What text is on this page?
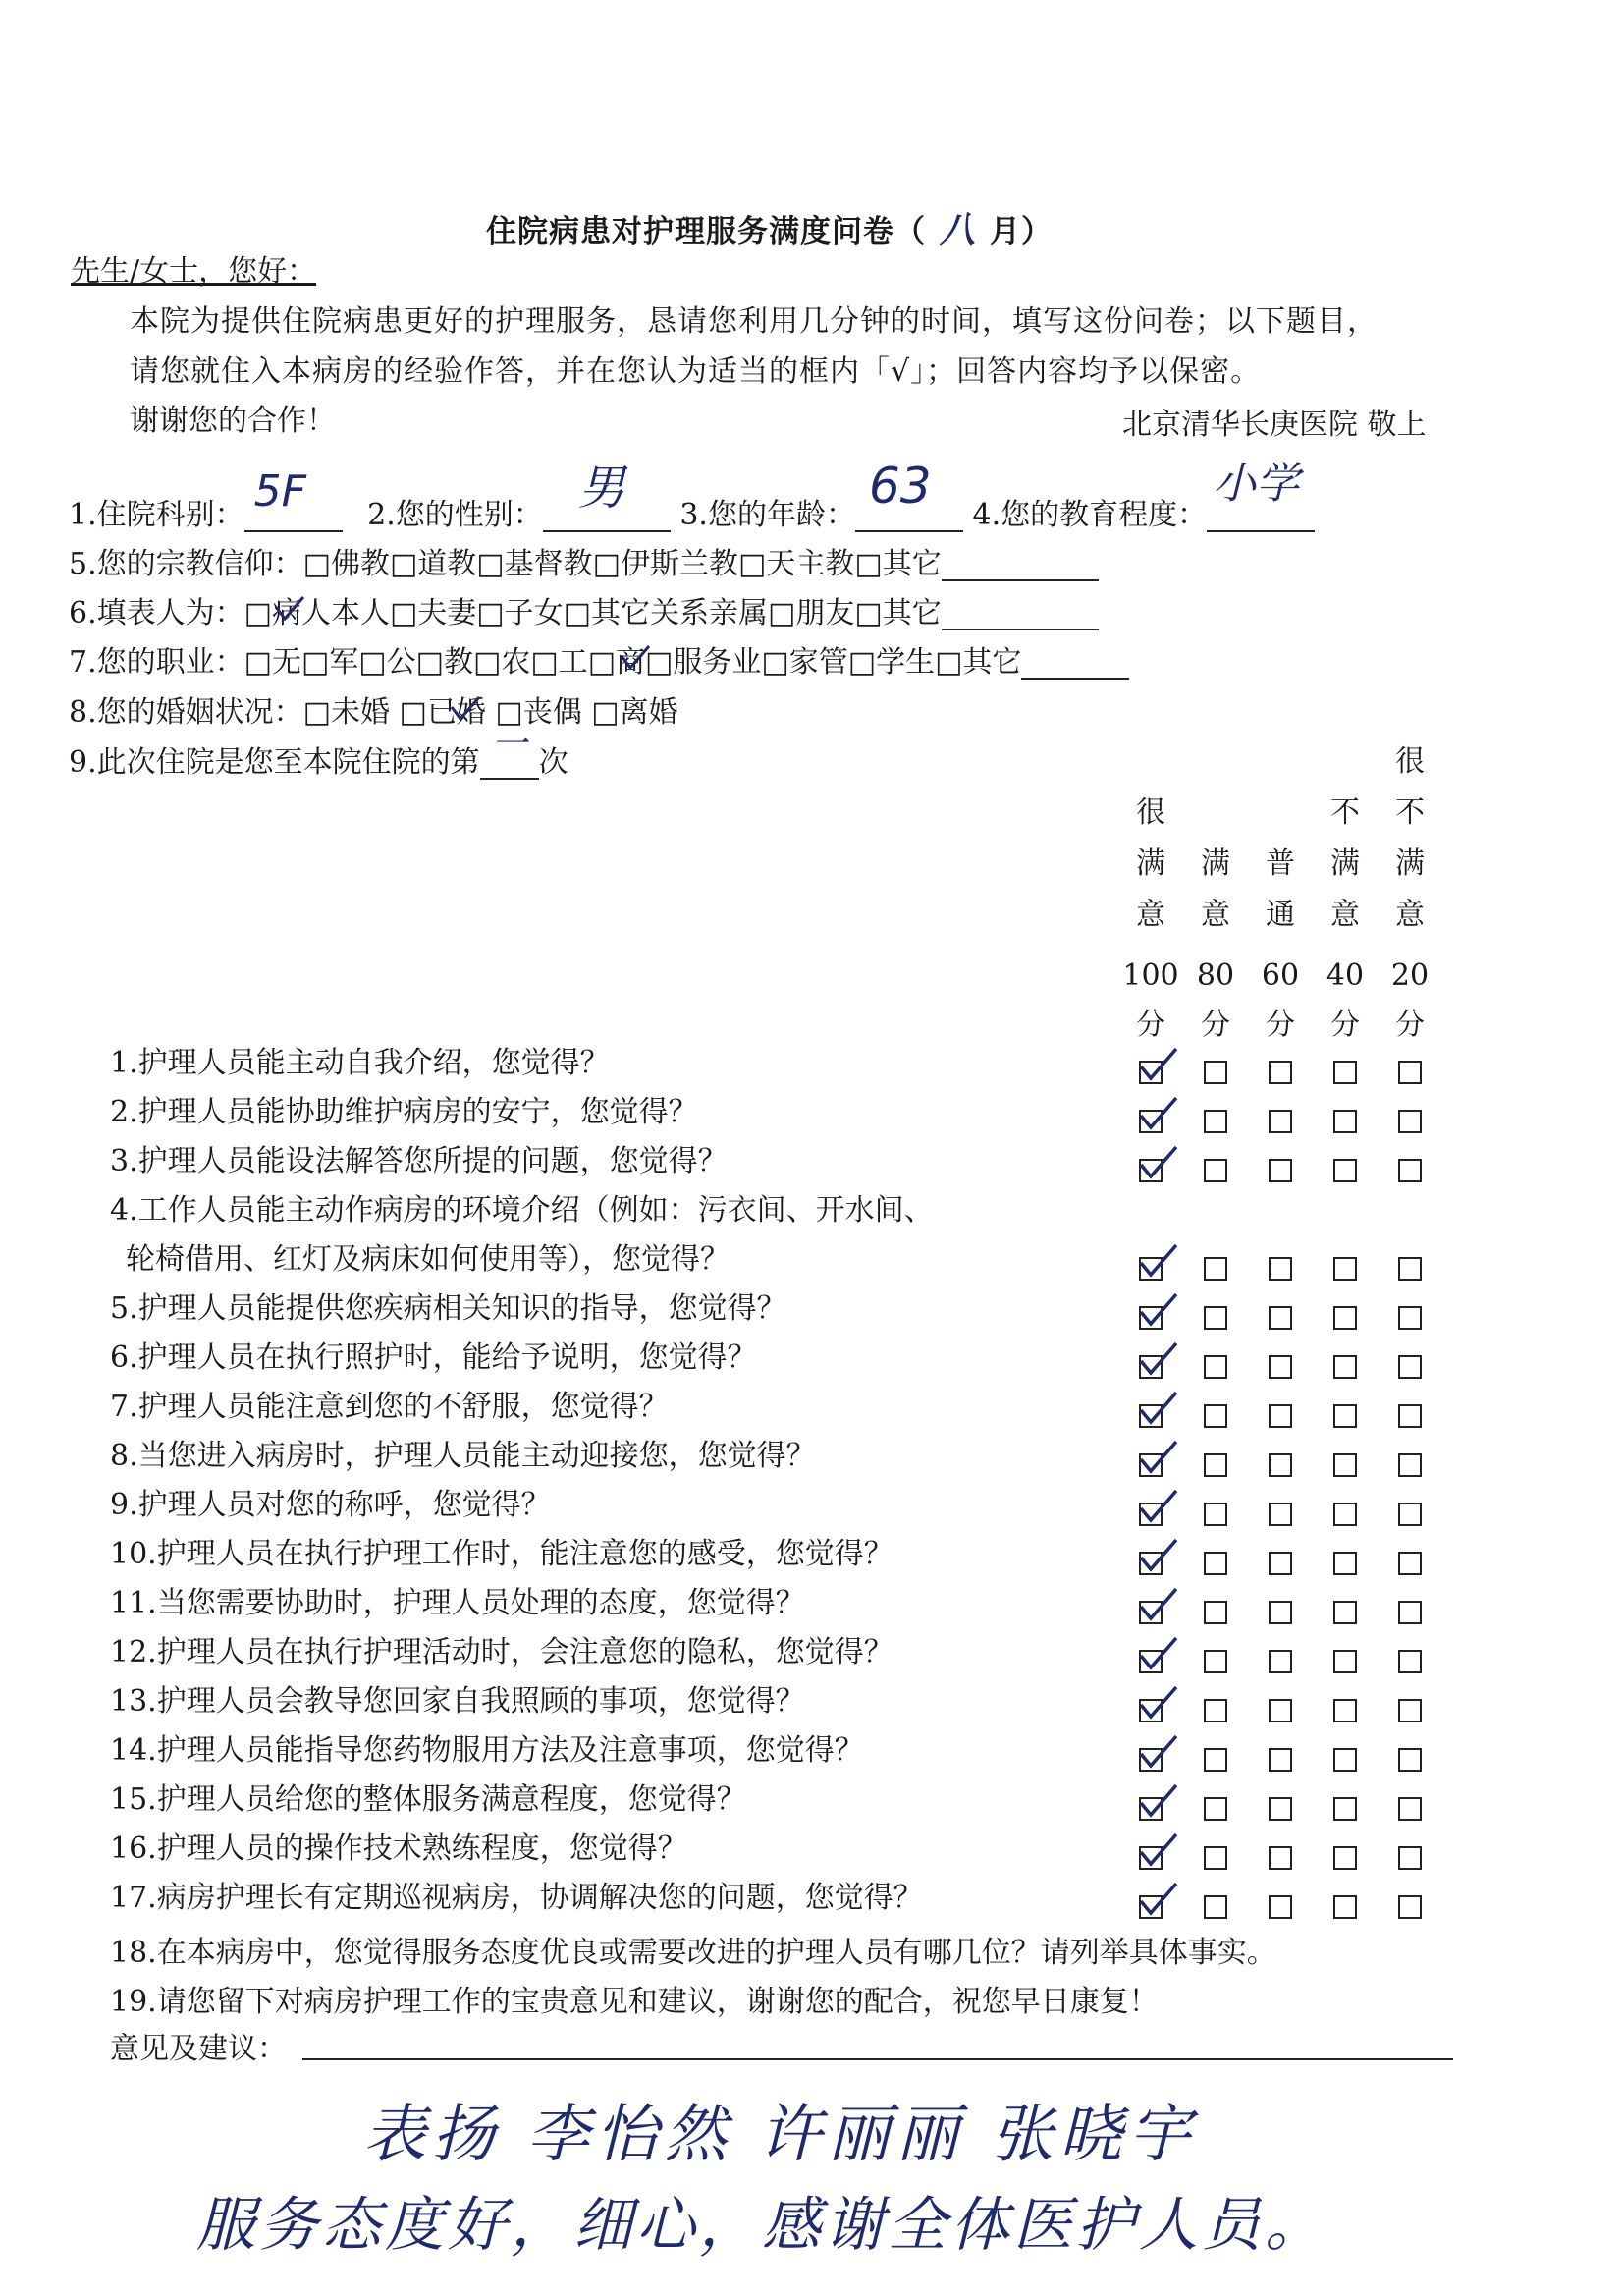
住院病患对护理服务满度问卷（ 八 月）
先生/女士，您好：
本院为提供住院病患更好的护理服务，恳请您利用几分钟的时间，填写这份问卷；以下题目，
请您就住入本病房的经验作答，并在您认为适当的框内「√」；回答内容均予以保密。
谢谢您的合作！	北京清华长庚医院 敬上
1.住院科别： 5F 2.您的性别： 男 3.您的年龄：
63
4.您的教育程度：
小学
5.您的宗教信仰：□佛教□道教□基督教□伊斯兰教□天主教□其它
6.填表人为：□病人本人□夫妻□子女□其它关系亲属□朋友□其它
7.您的职业：□无□军□公□教□农□工□商□服务业□家管□学生□其它
8.您的婚姻状况：□未婚 □已婚 □丧偶 □离婚
9.此次住院是您至本院住院的第 一 次
很
满
意
100
分
满
意
80
分
普
通
60
分
不
满
意
40
分
很
不
满
意
20
分
1.护理人员能主动自我介绍，您觉得？
2.护理人员能协助维护病房的安宁，您觉得？
3.护理人员能设法解答您所提的问题，您觉得？
4.工作人员能主动作病房的环境介绍（例如：污衣间、开水间、
轮椅借用、红灯及病床如何使用等），您觉得？
5.护理人员能提供您疾病相关知识的指导，您觉得？
6.护理人员在执行照护时，能给予说明，您觉得？
7.护理人员能注意到您的不舒服，您觉得？
8.当您进入病房时，护理人员能主动迎接您，您觉得？
9.护理人员对您的称呼，您觉得？
10.护理人员在执行护理工作时，能注意您的感受，您觉得？
11.当您需要协助时，护理人员处理的态度，您觉得？
12.护理人员在执行护理活动时，会注意您的隐私，您觉得？
13.护理人员会教导您回家自我照顾的事项，您觉得？
14.护理人员能指导您药物服用方法及注意事项，您觉得？
15.护理人员给您的整体服务满意程度，您觉得？
16.护理人员的操作技术熟练程度，您觉得？
17.病房护理长有定期巡视病房，协调解决您的问题，您觉得？
18.在本病房中，您觉得服务态度优良或需要改进的护理人员有哪几位？请列举具体事实。
19.请您留下对病房护理工作的宝贵意见和建议，谢谢您的配合，祝您早日康复！
意见及建议：
表扬 李怡然 许丽丽 张晓宇
服务态度好，细心，感谢全体医护人员。
